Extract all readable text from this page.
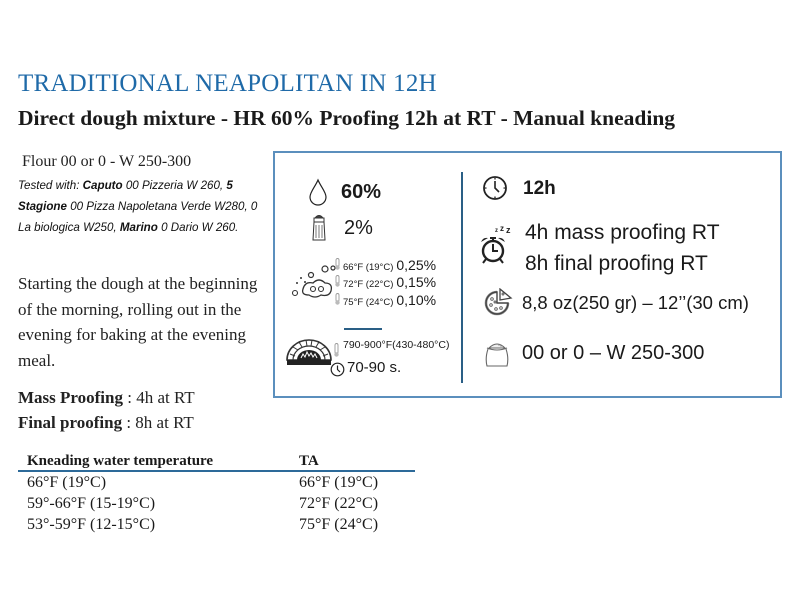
TRADITIONAL NEAPOLITAN IN 12H
Direct dough mixture - HR 60% Proofing 12h at RT - Manual kneading
Flour 00 or 0 - W 250-300
Tested with: Caputo 00 Pizzeria W 260, 5 Stagione 00 Pizza Napoletana Verde W280, 0 La biologica W250, Marino 0 Dario W 260.
Starting the dough at the beginning of the morning, rolling out in the evening for baking at the evening meal.
Mass Proofing : 4h at RT
Final proofing : 8h at RT
Kneading water temperature	TA
66°F (19°C)	66°F (19°C)
59°-66°F (15-19°C)	72°F (22°C)
53°-59°F (12-15°C)	75°F (24°C)
60%
2%
66°F (19°C) 0,25%
72°F (22°C) 0,15%
75°F (24°C) 0,10%
790-900°F(430-480°C)
70-90 s.
12h
z z z 4h mass proofing RT
8h final proofing RT
8,8 oz(250 gr) – 12’’(30 cm)
00 or 0 – W 250-300
